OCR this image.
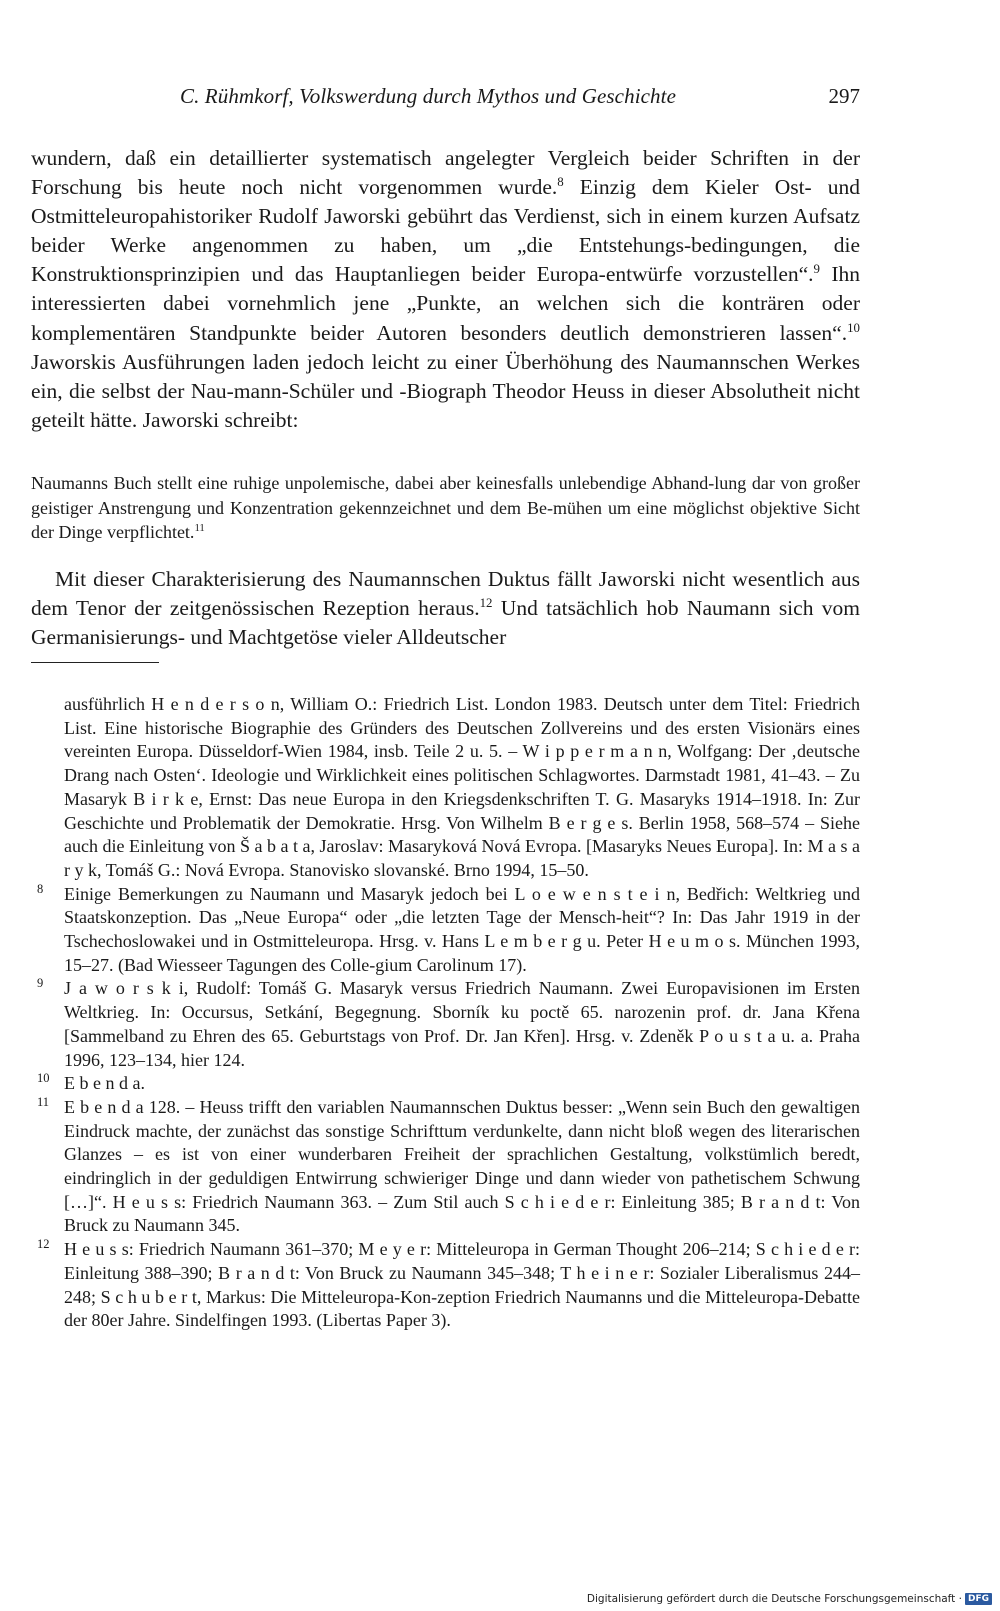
C. Rühmkorf, Volkswerdung durch Mythos und Geschichte	297

wundern, daß ein detaillierter systematisch angelegter Vergleich beider Schriften in der Forschung bis heute noch nicht vorgenommen wurde.$^8$ Einzig dem Kieler Ost- und Ostmitteleuropahistoriker Rudolf Jaworski gebührt das Verdienst, sich in einem kurzen Aufsatz beider Werke angenommen zu haben, um „die Entstehungs-bedingungen, die Konstruktionsprinzipien und das Hauptanliegen beider Europa-entwürfe vorzustellen“.$^9$ Ihn interessierten dabei vornehmlich jene „Punkte, an welchen sich die konträren oder komplementären Standpunkte beider Autoren besonders deutlich demonstrieren lassen“.$^{10}$ Jaworskis Ausführungen laden jedoch leicht zu einer Überhöhung des Naumannschen Werkes ein, die selbst der Nau-mann-Schüler und -Biograph Theodor Heuss in dieser Absolutheit nicht geteilt hätte. Jaworski schreibt:

Naumanns Buch stellt eine ruhige unpolemische, dabei aber keinesfalls unlebendige Abhand-lung dar von großer geistiger Anstrengung und Konzentration gekennzeichnet und dem Be-mühen um eine möglichst objektive Sicht der Dinge verpflichtet.$^{11}$

Mit dieser Charakterisierung des Naumannschen Duktus fällt Jaworski nicht wesentlich aus dem Tenor der zeitgenössischen Rezeption heraus.$^{12}$ Und tatsächlich hob Naumann sich vom Germanisierungs- und Machtgetöse vieler Alldeutscher

ausführlich H e n d e r s o n, William O.: Friedrich List. London 1983. Deutsch unter dem Titel: Friedrich List. Eine historische Biographie des Gründers des Deutschen Zollvereins und des ersten Visionärs eines vereinten Europa. Düsseldorf-Wien 1984, insb. Teile 2 u. 5. – W i p p e r m a n n, Wolfgang: Der ‚deutsche Drang nach Osten‘. Ideologie und Wirklichkeit eines politischen Schlagwortes. Darmstadt 1981, 41–43. – Zu Masaryk B i r k e, Ernst: Das neue Europa in den Kriegsdenkschriften T. G. Masaryks 1914–1918. In: Zur Geschichte und Problematik der Demokratie. Hrsg. Von Wilhelm B e r g e s. Berlin 1958, 568–574 – Siehe auch die Einleitung von Š a b a t a, Jaroslav: Masaryková Nová Evropa. [Masaryks Neues Europa]. In: M a s a r y k, Tomáš G.: Nová Evropa. Stanovisko slovanské. Brno 1994, 15–50.

8 Einige Bemerkungen zu Naumann und Masaryk jedoch bei L o e w e n s t e i n, Bedřich: Weltkrieg und Staatskonzeption. Das „Neue Europa“ oder „die letzten Tage der Mensch-heit“? In: Das Jahr 1919 in der Tschechoslowakei und in Ostmitteleuropa. Hrsg. v. Hans L e m b e r g u. Peter H e u m o s. München 1993, 15–27. (Bad Wiesseer Tagungen des Colle-gium Carolinum 17).

9 J a w o r s k i, Rudolf: Tomáš G. Masaryk versus Friedrich Naumann. Zwei Europavisionen im Ersten Weltkrieg. In: Occursus, Setkání, Begegnung. Sborník ku poctě 65. narozenin prof. dr. Jana Křena [Sammelband zu Ehren des 65. Geburtstags von Prof. Dr. Jan Křen]. Hrsg. v. Zdeněk P o u s t a u. a. Praha 1996, 123–134, hier 124.

10 E b e n d a.

11 E b e n d a 128. – Heuss trifft den variablen Naumannschen Duktus besser: „Wenn sein Buch den gewaltigen Eindruck machte, der zunächst das sonstige Schrifttum verdunkelte, dann nicht bloß wegen des literarischen Glanzes – es ist von einer wunderbaren Freiheit der sprachlichen Gestaltung, volkstümlich beredt, eindringlich in der geduldigen Entwirrung schwieriger Dinge und dann wieder von pathetischem Schwung […]“. H e u s s: Friedrich Naumann 363. – Zum Stil auch S c h i e d e r: Einleitung 385; B r a n d t: Von Bruck zu Naumann 345.

12 H e u s s: Friedrich Naumann 361–370; M e y e r: Mitteleuropa in German Thought 206–214; S c h i e d e r: Einleitung 388–390; B r a n d t: Von Bruck zu Naumann 345–348; T h e i n e r: Sozialer Liberalismus 244–248; S c h u b e r t, Markus: Die Mitteleuropa-Kon-zeption Friedrich Naumanns und die Mitteleuropa-Debatte der 80er Jahre. Sindelfingen 1993. (Libertas Paper 3).

Digitalisierung gefördert durch die Deutsche Forschungsgemeinschaft · DFG
